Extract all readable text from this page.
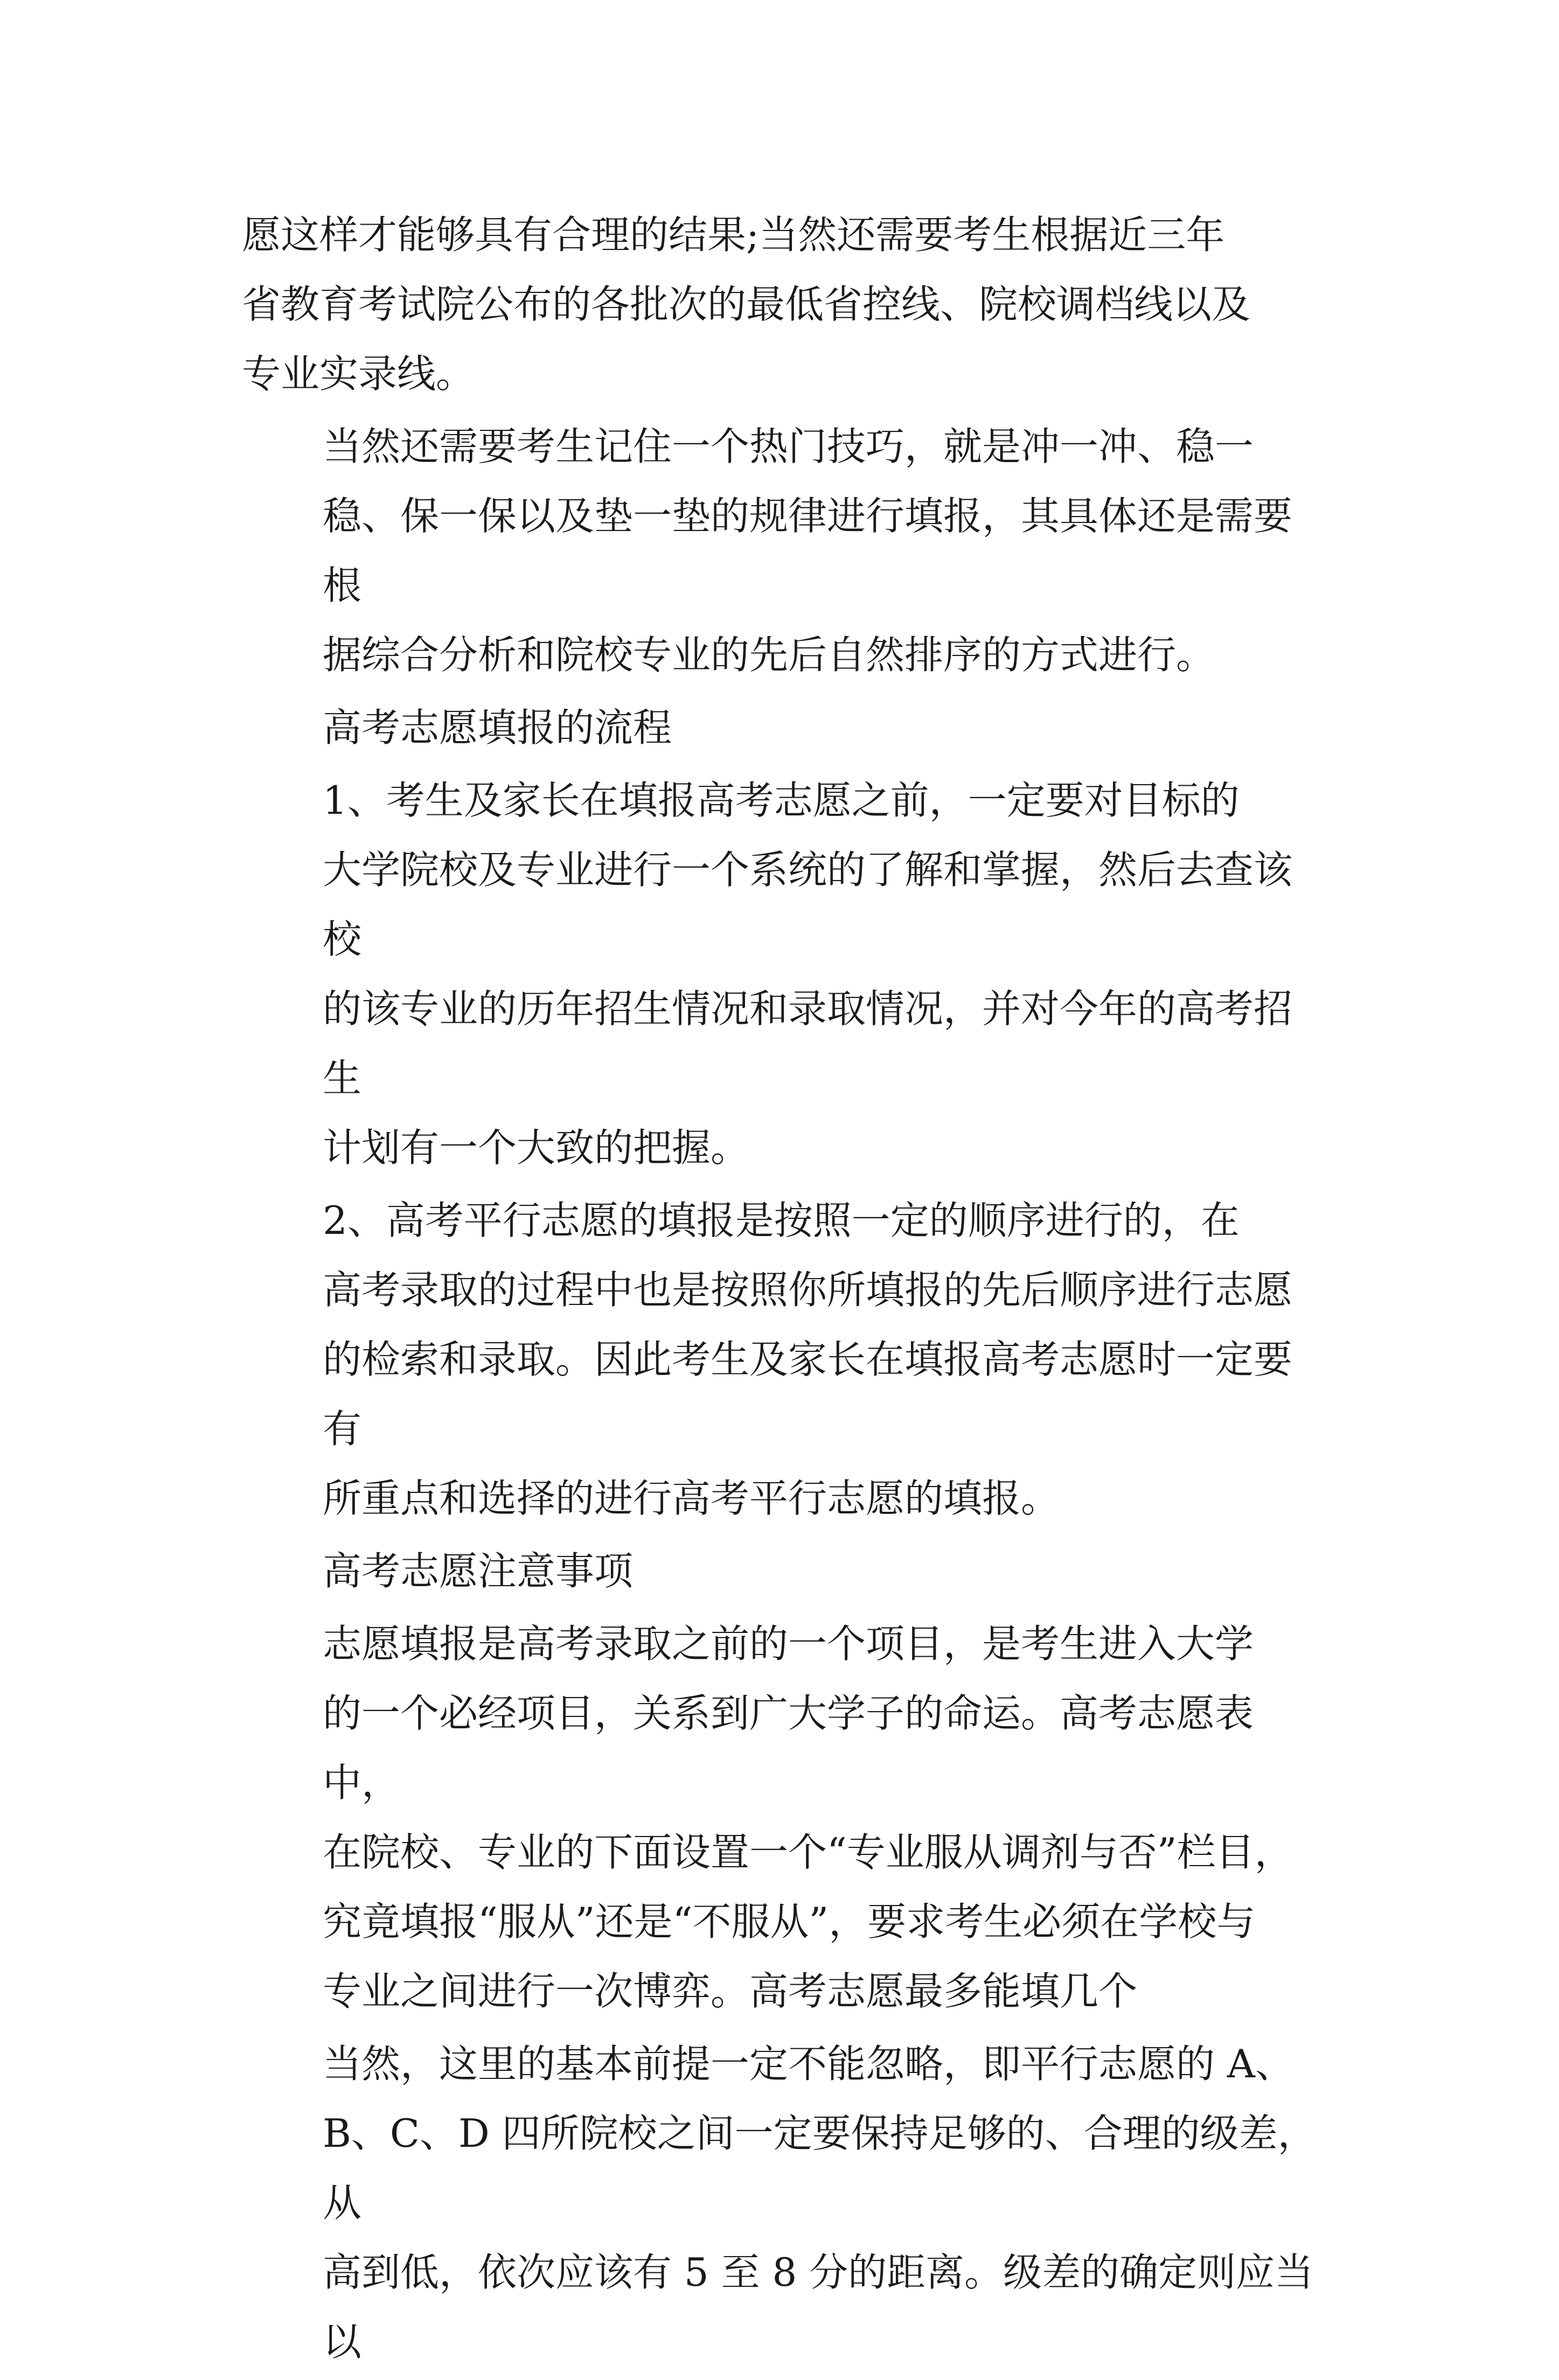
愿这样才能够具有合理的结果;当然还需要考生根据近三年
省教育考试院公布的各批次的最低省控线、院校调档线以及
专业实录线。

当然还需要考生记住一个热门技巧，就是冲一冲、稳一
稳、保一保以及垫一垫的规律进行填报，其具体还是需要根
据综合分析和院校专业的先后自然排序的方式进行。

高考志愿填报的流程

1、考生及家长在填报高考志愿之前，一定要对目标的
大学院校及专业进行一个系统的了解和掌握，然后去查该校
的该专业的历年招生情况和录取情况，并对今年的高考招生
计划有一个大致的把握。

2、高考平行志愿的填报是按照一定的顺序进行的，在
高考录取的过程中也是按照你所填报的先后顺序进行志愿
的检索和录取。因此考生及家长在填报高考志愿时一定要有
所重点和选择的进行高考平行志愿的填报。

高考志愿注意事项

志愿填报是高考录取之前的一个项目，是考生进入大学
的一个必经项目，关系到广大学子的命运。高考志愿表中，
在院校、专业的下面设置一个“专业服从调剂与否”栏目，
究竟填报“服从”还是“不服从”，要求考生必须在学校与
专业之间进行一次博弈。高考志愿最多能填几个

当然，这里的基本前提一定不能忽略，即平行志愿的 A、
B、C、D 四所院校之间一定要保持足够的、合理的级差，从
高到低，依次应该有 5 至 8 分的距离。级差的确定则应当以
